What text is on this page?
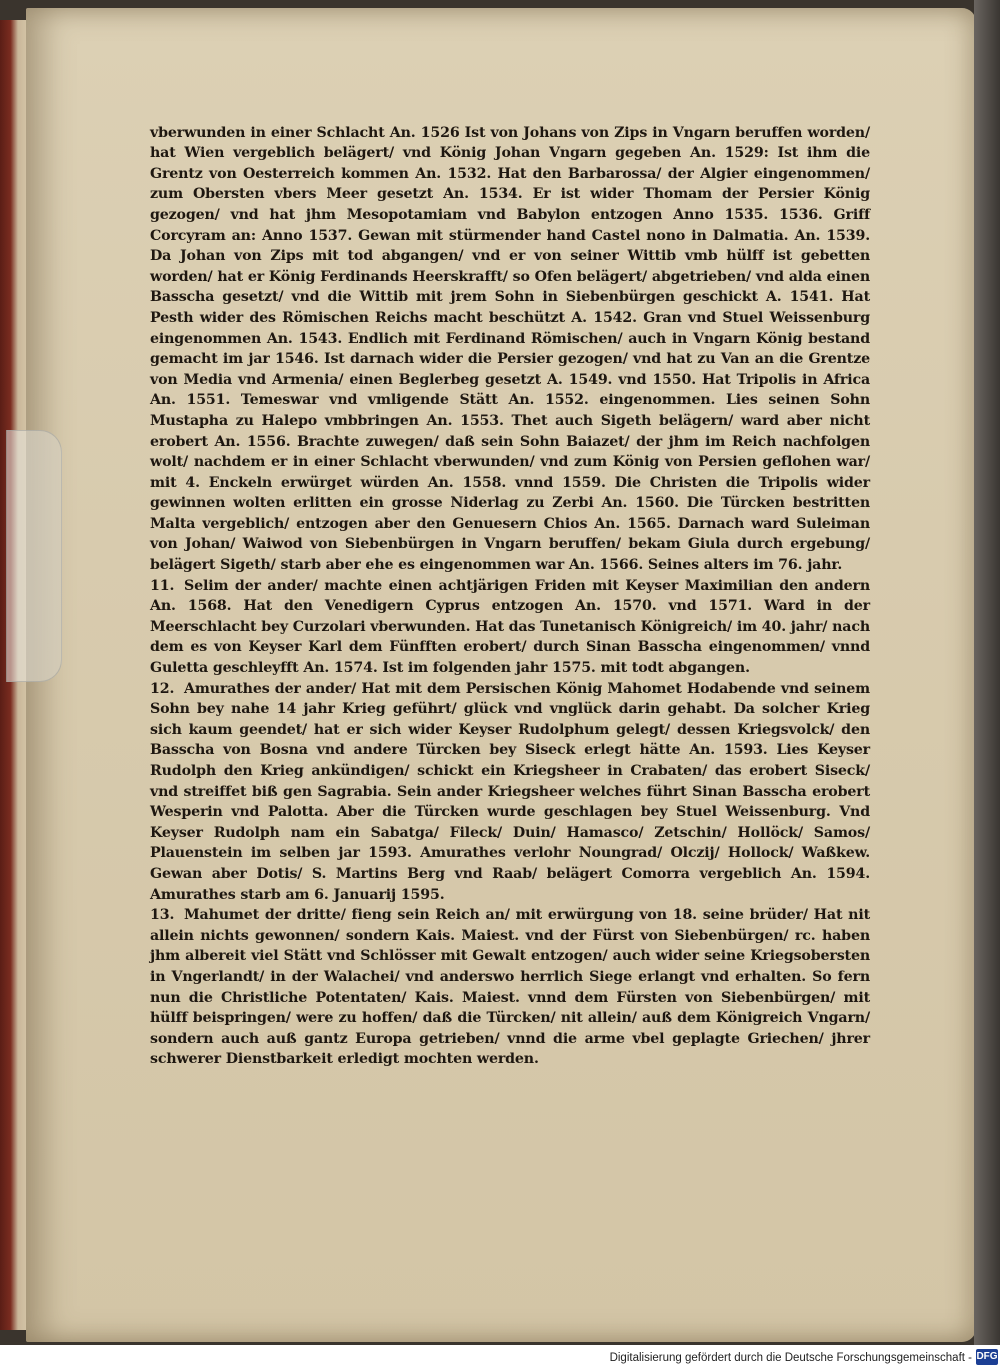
vberwunden in einer Schlacht An. 1526 Ist von Johans von Zips in Vngarn beruffen worden/ hat Wien vergeblich belägert/ vnd König Johan Vngarn gegeben An. 1529: Ist ihm die Grentz von Oesterreich kommen An. 1532. Hat den Barbarossa/ der Algier eingenommen/ zum Obersten vbers Meer gesetzt An. 1534. Er ist wider Thomam der Persier König gezogen/ vnd hat jhm Mesopotamiam vnd Babylon entzogen Anno 1535. 1536. Griff Corcyram an: Anno 1537. Gewan mit stürmender hand Castel nono in Dalmatia. An. 1539. Da Johan von Zips mit tod abgangen/ vnd er von seiner Wittib vmb hülff ist gebetten worden/ hat er König Ferdinands Heerskrafft/ so Ofen belägert/ abgetrieben/ vnd alda einen Basscha gesetzt/ vnd die Wittib mit jrem Sohn in Siebenbürgen geschickt A. 1541. Hat Pesth wider des Römischen Reichs macht beschützt A. 1542. Gran vnd Stuel Weissenburg eingenommen An. 1543. Endlich mit Ferdinand Römischen/ auch in Vngarn König bestand gemacht im jar 1546. Ist darnach wider die Persier gezogen/ vnd hat zu Van an die Grentze von Media vnd Armenia/ einen Beglerbeg gesetzt A. 1549. vnd 1550. Hat Tripolis in Africa An. 1551. Temeswar vnd vmligende Stätt An. 1552. eingenommen. Lies seinen Sohn Mustapha zu Halepo vmbbringen An. 1553. Thet auch Sigeth belägern/ ward aber nicht erobert An. 1556. Brachte zuwegen/ daß sein Sohn Baiazet/ der jhm im Reich nachfolgen wolt/ nachdem er in einer Schlacht vberwunden/ vnd zum König von Persien geflohen war/ mit 4. Enckeln erwürget würden An. 1558. vnnd 1559. Die Christen die Tripolis wider gewinnen wolten erlitten ein grosse Niderlag zu Zerbi An. 1560. Die Türcken bestritten Malta vergeblich/ entzogen aber den Genuesern Chios An. 1565. Darnach ward Suleiman von Johan/ Waiwod von Siebenbürgen in Vngarn beruffen/ bekam Giula durch ergebung/ belägert Sigeth/ starb aber ehe es eingenommen war An. 1566. Seines alters im 76. jahr.

11. Selim der ander/ machte einen achtjärigen Friden mit Keyser Maximilian den andern An. 1568. Hat den Venedigern Cyprus entzogen An. 1570. vnd 1571. Ward in der Meerschlacht bey Curzolari vberwunden. Hat das Tunetanisch Königreich/ im 40. jahr/ nach dem es von Keyser Karl dem Fünfften erobert/ durch Sinan Basscha eingenommen/ vnnd Guletta geschleyfft An. 1574. Ist im folgenden jahr 1575. mit todt abgangen.

12. Amurathes der ander/ Hat mit dem Persischen König Mahomet Hodabende vnd seinem Sohn bey nahe 14 jahr Krieg geführt/ glück vnd vnglück darin gehabt. Da solcher Krieg sich kaum geendet/ hat er sich wider Keyser Rudolphum gelegt/ dessen Kriegsvolck/ den Basscha von Bosna vnd andere Türcken bey Siseck erlegt hätte An. 1593. Lies Keyser Rudolph den Krieg ankündigen/ schickt ein Kriegsheer in Crabaten/ das erobert Siseck/ vnd streiffet biß gen Sagrabia. Sein ander Kriegsheer welches führt Sinan Basscha erobert Wesperin vnd Palotta. Aber die Türcken wurde geschlagen bey Stuel Weissenburg. Vnd Keyser Rudolph nam ein Sabatga/ Fileck/ Duin/ Hamasco/ Zetschin/ Hollöck/ Samos/ Plauenstein im selben jar 1593. Amurathes verlohr Noungrad/ Olczij/ Hollock/ Waßkew. Gewan aber Dotis/ S. Martins Berg vnd Raab/ belägert Comorra vergeblich An. 1594. Amurathes starb am 6. Januarij 1595.

13. Mahumet der dritte/ fieng sein Reich an/ mit erwürgung von 18. seine brüder/ Hat nit allein nichts gewonnen/ sondern Kais. Maiest. vnd der Fürst von Siebenbürgen/ rc. haben jhm albereit viel Stätt vnd Schlösser mit Gewalt entzogen/ auch wider seine Kriegsobersten in Vngerlandt/ in der Walachei/ vnd anderswo herrlich Siege erlangt vnd erhalten. So fern nun die Christliche Potentaten/ Kais. Maiest. vnnd dem Fürsten von Siebenbürgen/ mit hülff beispringen/ were zu hoffen/ daß die Türcken/ nit allein/ auß dem Königreich Vngarn/ sondern auch auß gantz Europa getrieben/ vnnd die arme vbel geplagte Griechen/ jhrer schwerer Dienstbarkeit erledigt mochten werden.

Digitalisierung gefördert durch die Deutsche Forschungsgemeinschaft - DFG
